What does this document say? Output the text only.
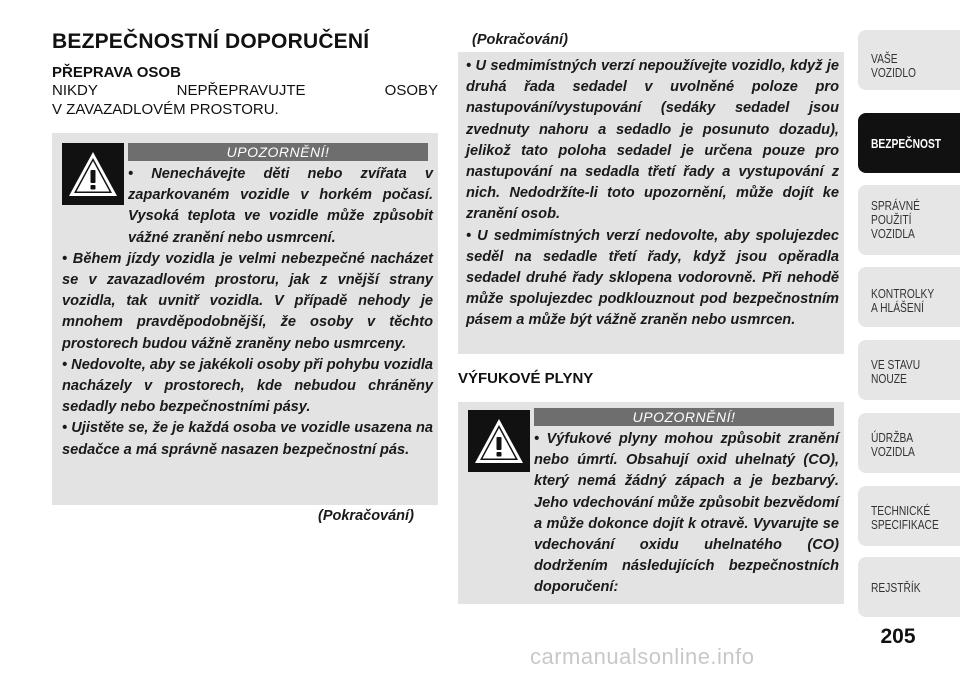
BEZPEČNOSTNÍ DOPORUČENÍ
PŘEPRAVA OSOB

NIKDY NEPŘEPRAVUJTE OSOBY
V ZAVAZADLOVÉM PROSTORU.

UPOZORNĚNÍ!

• Nenechávejte děti nebo zvířata v zaparkovaném vozidle v horkém počasí. Vysoká teplota ve vozidle může způsobit vážné zranění nebo usmrcení.

• Během jízdy vozidla je velmi nebezpečné nacházet se v zavazadlovém prostoru, jak z vnější strany vozidla, tak uvnitř vozidla. V případě nehody je mnohem pravděpodobnější, že osoby v těchto prostorech budou vážně zraněny nebo usmrceny.

• Nedovolte, aby se jakékoli osoby při pohybu vozidla nacházely v prostorech, kde nebudou chráněny sedadly nebo bezpečnostními pásy.

• Ujistěte se, že je každá osoba ve vozidle usazena na sedačce a má správně nasazen bezpečnostní pás.

(Pokračování)
(Pokračování)

• U sedmimístných verzí nepoužívejte vozidlo, když je druhá řada sedadel v uvolněné poloze pro nastupování/vystupování (sedáky sedadel jsou zvednuty nahoru a sedadlo je posunuto dozadu), jelikož tato poloha sedadel je určena pouze pro nastupování na sedadla třetí řady a vystupování z nich. Nedodržíte-li toto upozornění, může dojít ke zranění osob.

• U sedmimístných verzí nedovolte, aby spolujezdec seděl na sedadle třetí řady, když jsou opěradla sedadel druhé řady sklopena vodorovně. Při nehodě může spolujezdec podklouznout pod bezpečnostním pásem a může být vážně zraněn nebo usmrcen.

VÝFUKOVÉ PLYNY
UPOZORNĚNÍ!

• Výfukové plyny mohou způsobit zranění nebo úmrtí. Obsahují oxid uhelnatý (CO), který nemá žádný zápach a je bezbarvý. Jeho vdechování může způsobit bezvědomí a může dokonce dojít k otravě. Vyvarujte se vdechování oxidu uhelnatého (CO) dodržením následujících bezpečnostních doporučení:

VAŠE
VOZIDLO
BEZPEČNOST
SPRÁVNÉ
POUŽITÍ
VOZIDLA
KONTROLKY
A HLÁŠENÍ
VE STAVU
NOUZE
ÚDRŽBA
VOZIDLA
TECHNICKÉ
SPECIFIKACE
REJSTŘÍK
205
carmanualsonline.info
